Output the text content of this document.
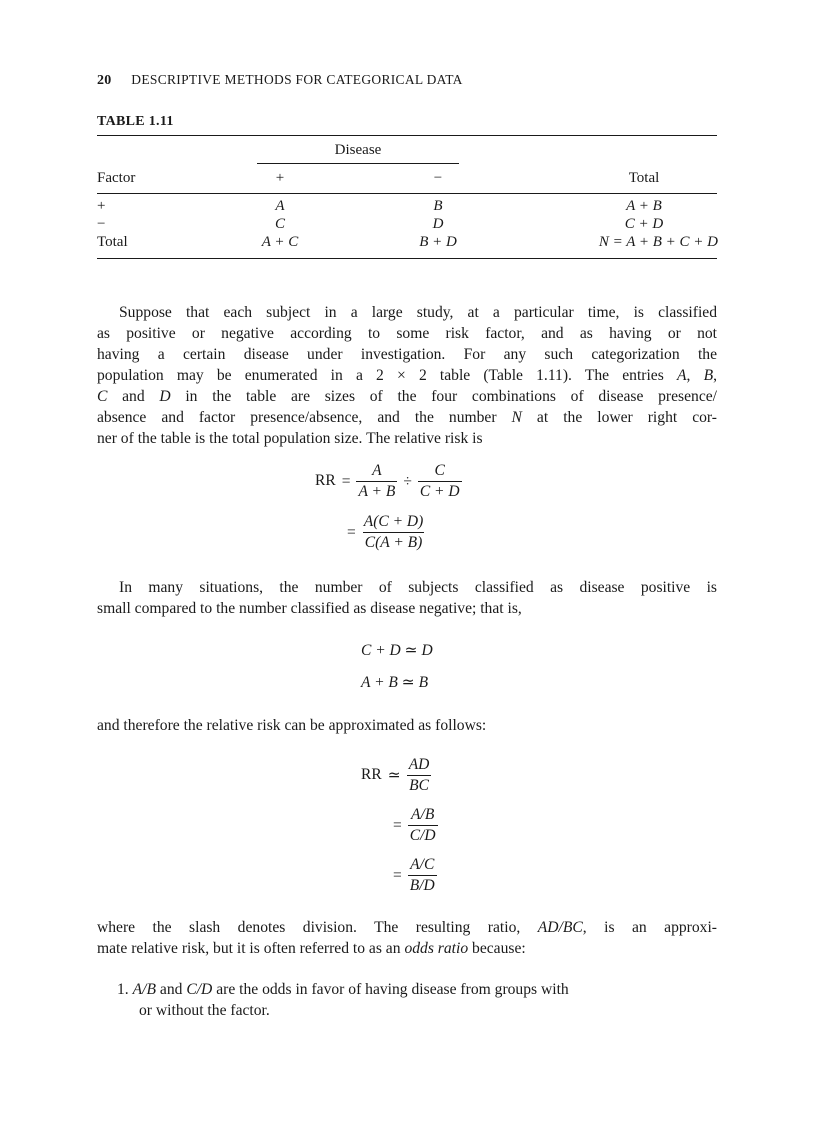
20 DESCRIPTIVE METHODS FOR CATEGORICAL DATA
TABLE 1.11
Disease
Factor	+	−	Total
+	A	B	A + B
−	C	D	C + D
Total	A + C	B + D	N = A + B + C + D
Suppose that each subject in a large study, at a particular time, is classified
as positive or negative according to some risk factor, and as having or not
having a certain disease under investigation. For any such categorization the
population may be enumerated in a 2 × 2 table (Table 1.11). The entries A, B,
C and D in the table are sizes of the four combinations of disease presence/
absence and factor presence/absence, and the number N at the lower right cor-
ner of the table is the total population size. The relative risk is
RR = $\frac{A}{A + B} \div \frac{C}{C + D}$
= $\frac{A(C + D)}{C(A + B)}$
In many situations, the number of subjects classified as disease positive is
small compared to the number classified as disease negative; that is,
C + D ≃ D
A + B ≃ B
and therefore the relative risk can be approximated as follows:
RR ≃ $\frac{AD}{BC}$
= $\frac{A/B}{C/D}$
= $\frac{A/C}{B/D}$
where the slash denotes division. The resulting ratio, AD/BC, is an approxi-
mate relative risk, but it is often referred to as an odds ratio because:
1. A/B and C/D are the odds in favor of having disease from groups with
or without the factor.
